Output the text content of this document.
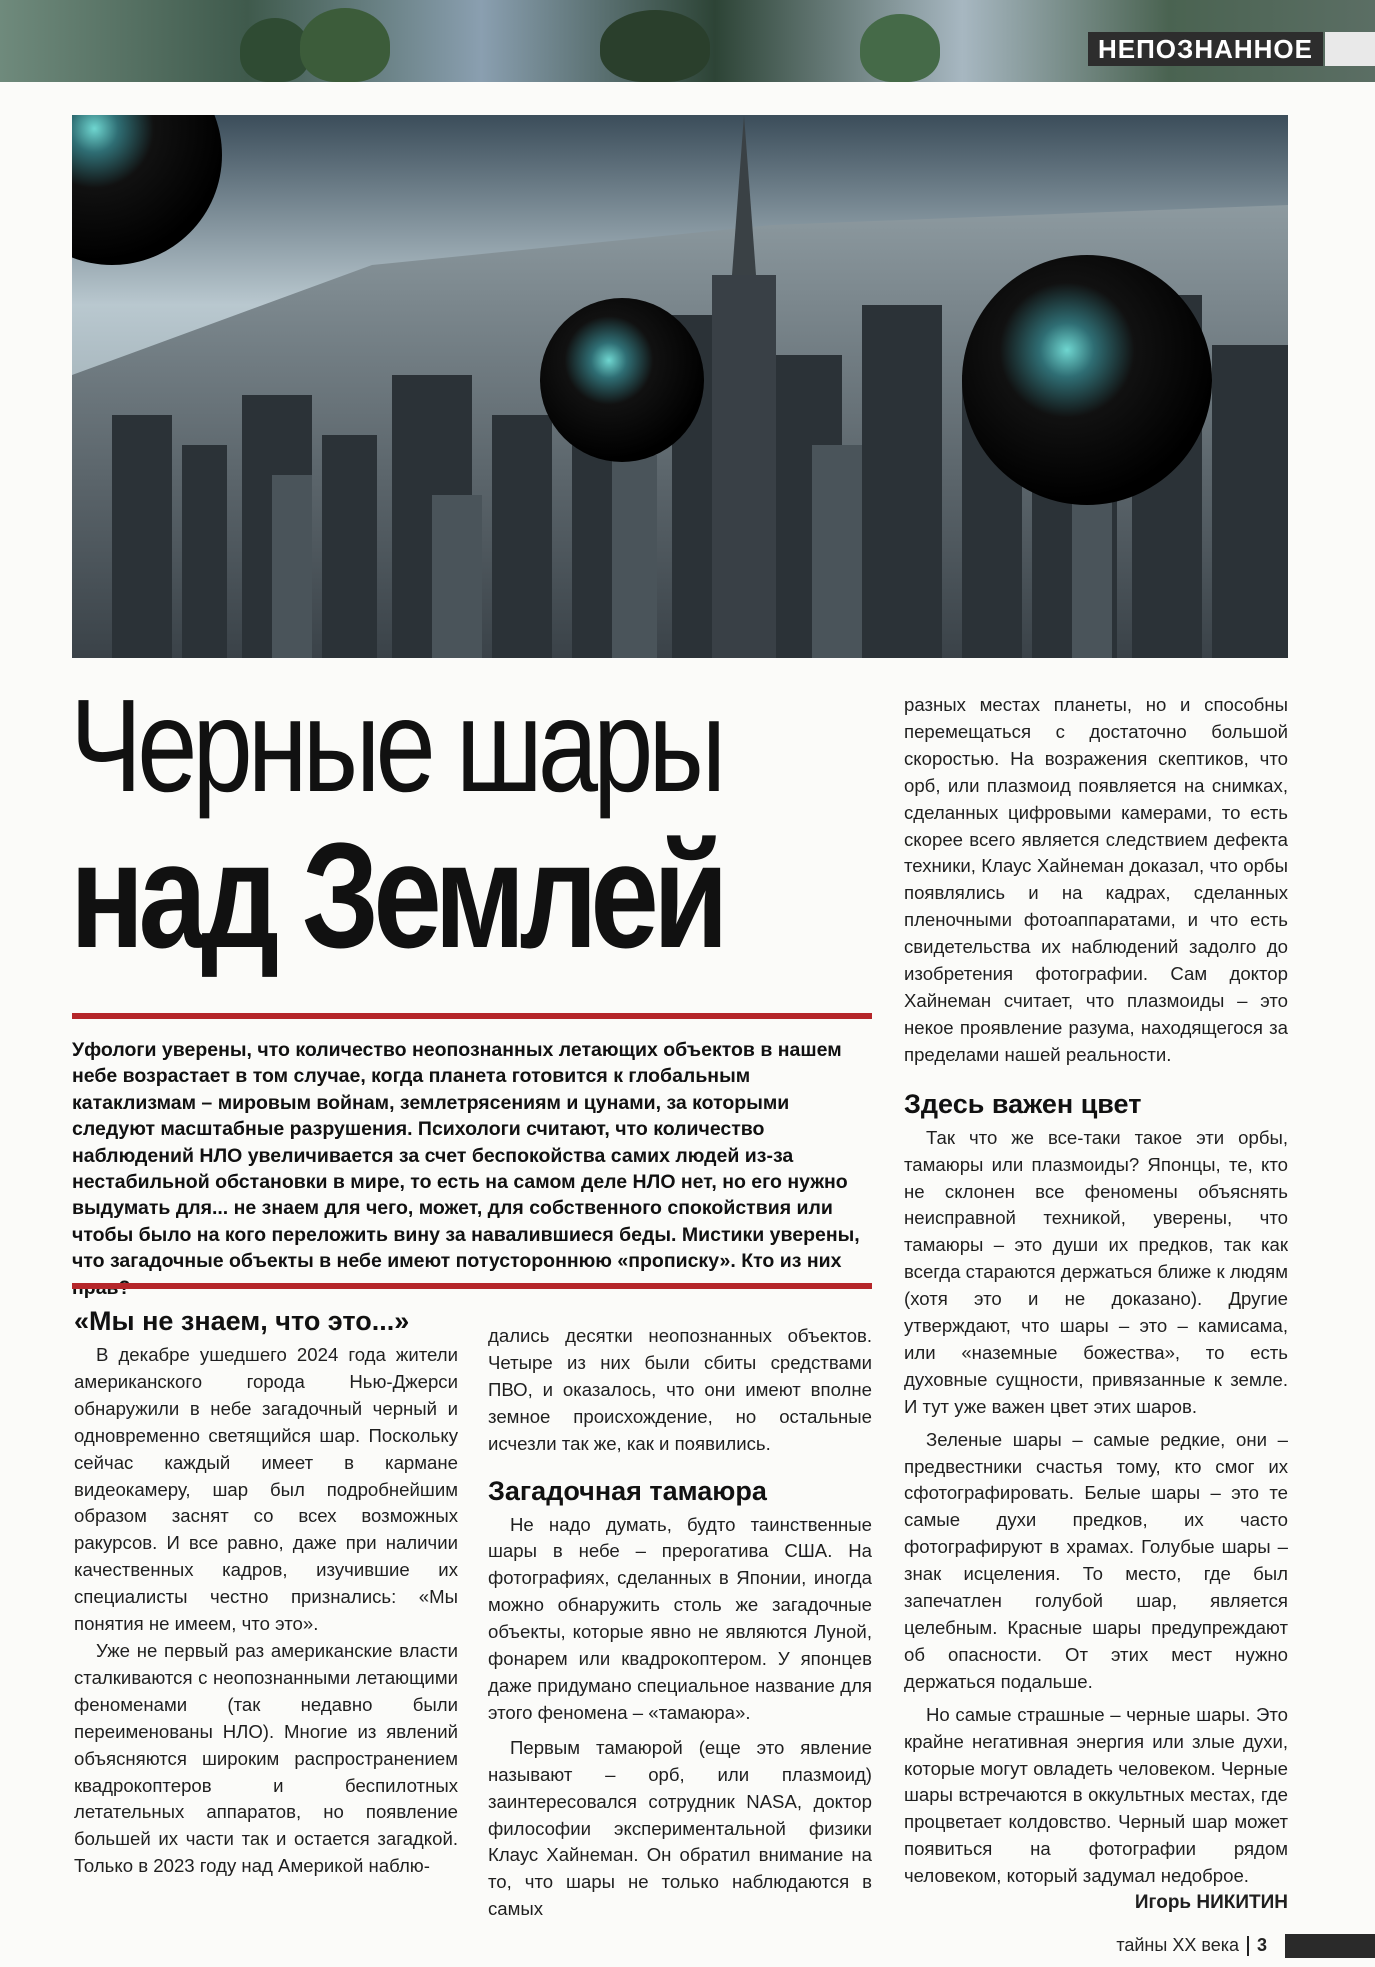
НЕПОЗНАННОЕ
Черные шары
над Землей
Уфологи уверены, что количество неопознанных летающих объектов в нашем небе возрастает в том случае, когда планета готовится к глобальным катаклизмам – мировым войнам, землетрясениям и цунами, за которыми следуют масштабные разрушения. Психологи считают, что количество наблюдений НЛО увеличивается за счет беспокойства самих людей из-за нестабильной обстановки в мире, то есть на самом деле НЛО нет, но его нужно выдумать для... не знаем для чего, может, для собственного спокойствия или чтобы было на кого переложить вину за навалившиеся беды. Мистики уверены, что загадочные объекты в небе имеют потустороннюю «прописку». Кто из них
«Мы не знаем, что это...»

В декабре ушедшего 2024 года жители американского города Нью-Джерси обнаружили в небе загадочный черный и одновременно светящийся шар. Поскольку сейчас каждый имеет в кармане видеокамеру, шар был подробнейшим образом заснят со всех возможных ракурсов. И все равно, даже при наличии качественных кадров, изучившие их специалисты честно признались: «Мы понятия не имеем, что это».

Уже не первый раз американские власти сталкиваются с неопознанными летающими феноменами (так недавно были переименованы НЛО). Многие из явлений объясняются широким распространением квадрокоптеров и беспилотных летательных аппаратов, но появление большей их части так и остается загадкой. Только в 2023 году над Америкой наблю-

дались десятки неопознанных объектов. Четыре из них были сбиты средствами ПВО, и оказалось, что они имеют вполне земное происхождение, но остальные исчезли так же, как и появились.

Загадочная тамаюра

Не надо думать, будто таинственные шары в небе – прерогатива США. На фотографиях, сделанных в Японии, иногда можно обнаружить столь же загадочные объекты, которые явно не являются Луной, фонарем или квадрокоптером. У японцев даже придумано специальное название для этого феномена – «тамаюра».

Первым тамаюрой (еще это явление называют – орб, или плазмоид) заинтересовался сотрудник NASA, доктор философии экспериментальной физики Клаус Хайнеман. Он обратил внимание на то, что шары не только наблюдаются в самых

разных местах планеты, но и способны перемещаться с достаточно большой скоростью. На возражения скептиков, что орб, или плазмоид появляется на снимках, сделанных цифровыми камерами, то есть скорее всего является следствием дефекта техники, Клаус Хайнеман доказал, что орбы появлялись и на кадрах, сделанных пленочными фотоаппаратами, и что есть свидетельства их наблюдений задолго до изобретения фотографии. Сам доктор Хайнеман считает, что плазмоиды – это некое проявление разума, находящегося за пределами нашей реальности.

Здесь важен цвет

Так что же все-таки такое эти орбы, тамаюры или плазмоиды? Японцы, те, кто не склонен все феномены объяснять неисправной техникой, уверены, что тамаюры – это души их предков, так как всегда стараются держаться ближе к людям (хотя это и не доказано). Другие утверждают, что шары – это – камисама, или «наземные божества», то есть духовные сущности, привязанные к земле. И тут уже важен цвет этих шаров.

Зеленые шары – самые редкие, они – предвестники счастья тому, кто смог их сфотографировать. Белые шары – это те самые духи предков, их часто фотографируют в храмах. Голубые шары – знак исцеления. То место, где был запечатлен голубой шар, является целебным. Красные шары предупреждают об опасности. От этих мест нужно держаться подальше.

Но самые страшные – черные шары. Это крайне негативная энергия или злые духи, которые могут овладеть человеком. Черные шары встречаются в оккультных местах, где процветает колдовство. Черный шар может появиться на фотографии рядом человеком, который задумал недоброе.

Игорь НИКИТИН

тайны XX века 3
